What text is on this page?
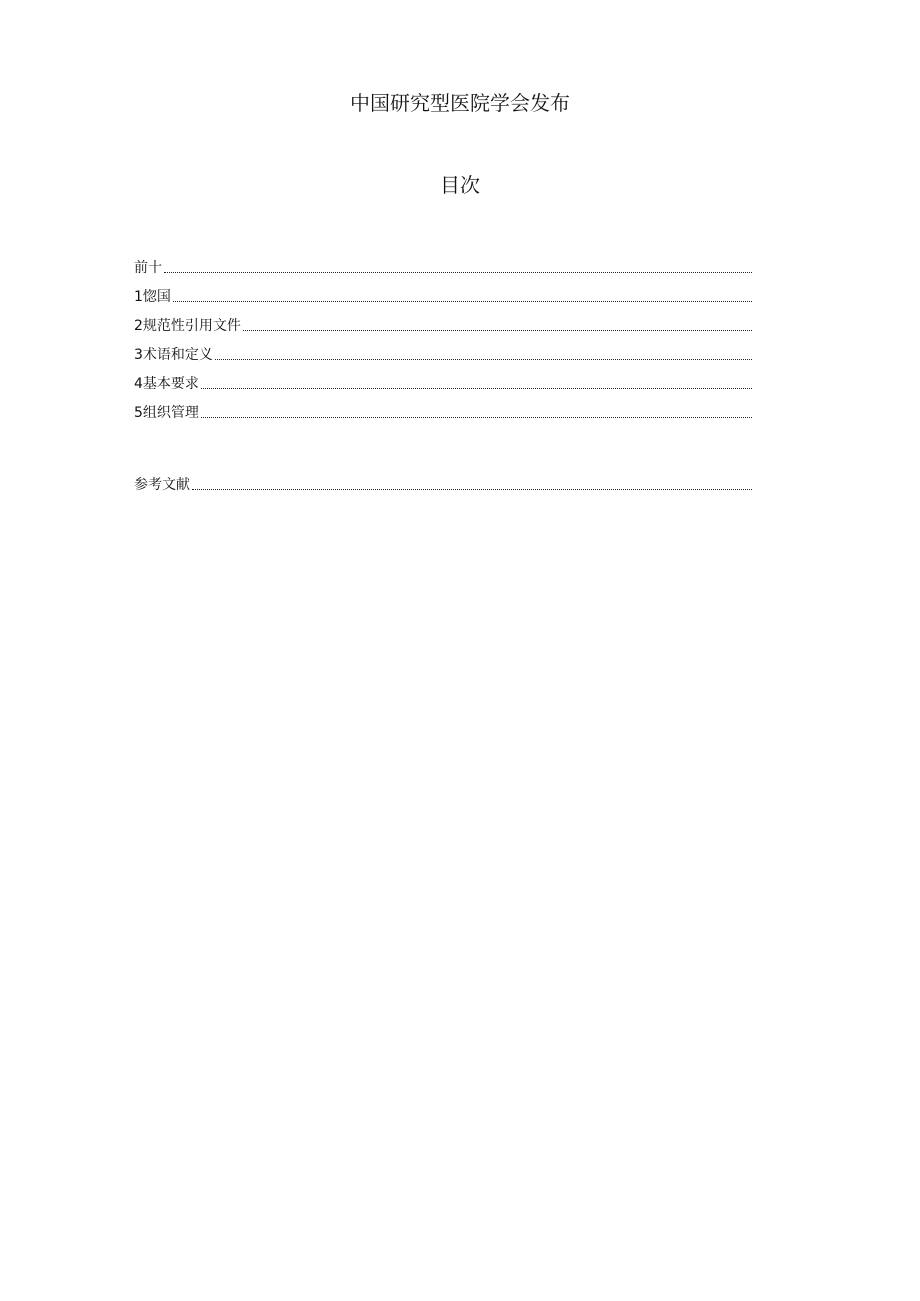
中国研究型医院学会发布
目次
前十
1惚国
2规范性引用文件
3术语和定义
4基本要求
5组织管理
参考文献
